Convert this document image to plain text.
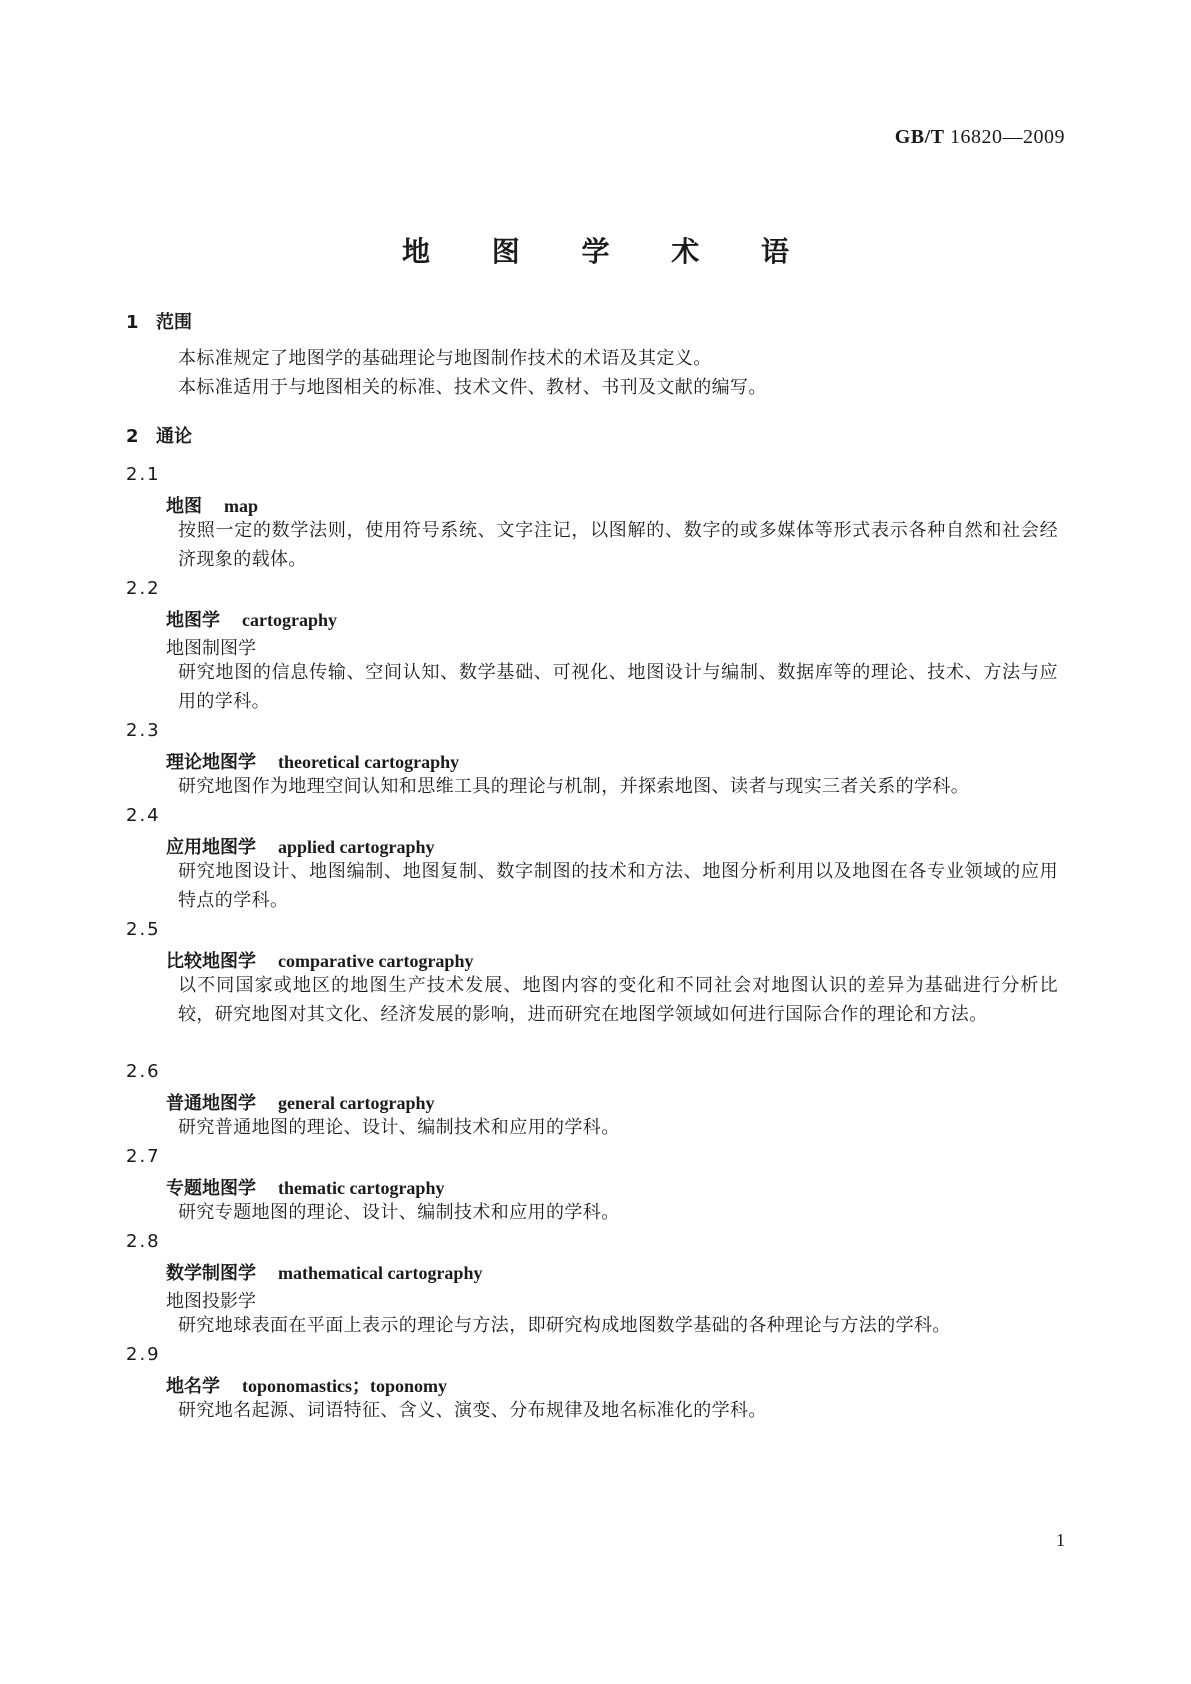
GB/T 16820—2009
地 图 学 术 语
1 范围
本标准规定了地图学的基础理论与地图制作技术的术语及其定义。
本标准适用于与地图相关的标准、技术文件、教材、书刊及文献的编写。
2 通论
2.1
地图 map
按照一定的数学法则，使用符号系统、文字注记，以图解的、数字的或多媒体等形式表示各种自然和社会经济现象的载体。
2.2
地图学 cartography
地图制图学
研究地图的信息传输、空间认知、数学基础、可视化、地图设计与编制、数据库等的理论、技术、方法与应用的学科。
2.3
理论地图学 theoretical cartography
研究地图作为地理空间认知和思维工具的理论与机制，并探索地图、读者与现实三者关系的学科。
2.4
应用地图学 applied cartography
研究地图设计、地图编制、地图复制、数字制图的技术和方法、地图分析利用以及地图在各专业领域的应用特点的学科。
2.5
比较地图学 comparative cartography
以不同国家或地区的地图生产技术发展、地图内容的变化和不同社会对地图认识的差异为基础进行分析比较，研究地图对其文化、经济发展的影响，进而研究在地图学领域如何进行国际合作的理论和方法。
2.6
普通地图学 general cartography
研究普通地图的理论、设计、编制技术和应用的学科。
2.7
专题地图学 thematic cartography
研究专题地图的理论、设计、编制技术和应用的学科。
2.8
数学制图学 mathematical cartography
地图投影学
研究地球表面在平面上表示的理论与方法，即研究构成地图数学基础的各种理论与方法的学科。
2.9
地名学 toponomastics；toponomy
研究地名起源、词语特征、含义、演变、分布规律及地名标准化的学科。
1
